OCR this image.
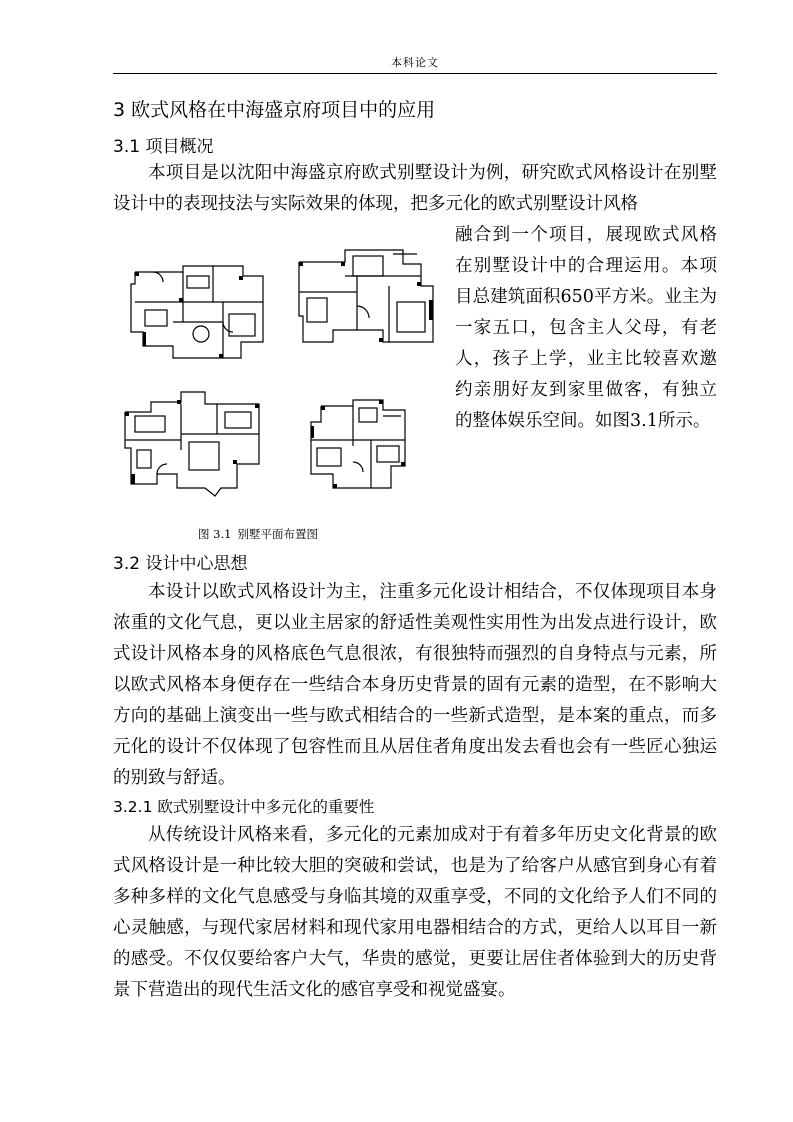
本科论文
3 欧式风格在中海盛京府项目中的应用
3.1 项目概况

本项目是以沈阳中海盛京府欧式别墅设计为例，研究欧式风格设计在别墅设计中的表现技法与实际效果的体现，把多元化的欧式别墅设计风格

融合到一个项目，展现欧式风格在别墅设计中的合理运用。本项目总建筑面积650平方米。业主为一家五口，包含主人父母，有老人，孩子上学，业主比较喜欢邀约亲朋好友到家里做客，有独立的整体娱乐空间。如图3.1所示。

图 3.1 别墅平面布置图
3.2 设计中心思想

本设计以欧式风格设计为主，注重多元化设计相结合，不仅体现项目本身浓重的文化气息，更以业主居家的舒适性美观性实用性为出发点进行设计，欧式设计风格本身的风格底色气息很浓，有很独特而强烈的自身特点与元素，所以欧式风格本身便存在一些结合本身历史背景的固有元素的造型，在不影响大方向的基础上演变出一些与欧式相结合的一些新式造型，是本案的重点，而多元化的设计不仅体现了包容性而且从居住者角度出发去看也会有一些匠心独运的别致与舒适。

3.2.1 欧式别墅设计中多元化的重要性

从传统设计风格来看，多元化的元素加成对于有着多年历史文化背景的欧式风格设计是一种比较大胆的突破和尝试，也是为了给客户从感官到身心有着多种多样的文化气息感受与身临其境的双重享受，不同的文化给予人们不同的心灵触感，与现代家居材料和现代家用电器相结合的方式，更给人以耳目一新的感受。不仅仅要给客户大气，华贵的感觉，更要让居住者体验到大的历史背景下营造出的现代生活文化的感官享受和视觉盛宴。
